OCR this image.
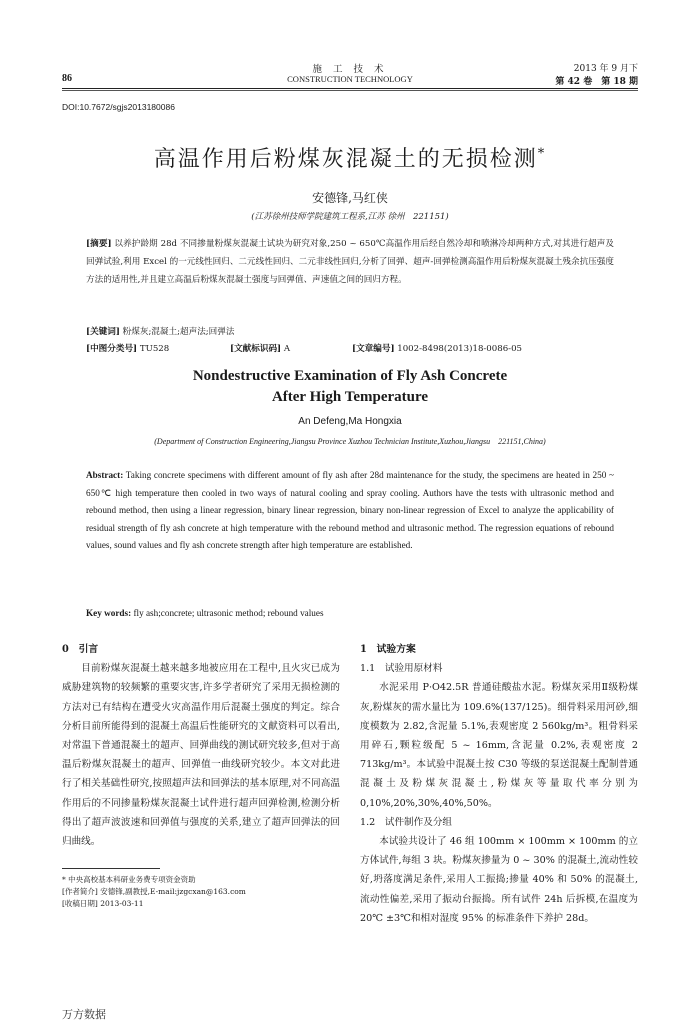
86
施 工 技 术
CONSTRUCTION TECHNOLOGY
2013 年 9 月下
第 42 卷　第 18 期
DOI:10.7672/sgjs2013180086
高温作用后粉煤灰混凝土的无损检测*
安德锋,马红侠
(江苏徐州技师学院建筑工程系,江苏 徐州　221151)
[摘要] 以养护龄期 28d 不同掺量粉煤灰混凝土试块为研究对象,250 ~ 650℃高温作用后经自然冷却和喷淋冷却两种方式,对其进行超声及回弹试验,利用 Excel 的一元线性回归、二元线性回归、二元非线性回归,分析了回弹、超声-回弹检测高温作用后粉煤灰混凝土残余抗压强度方法的适用性,并且建立高温后粉煤灰混凝土强度与回弹值、声速值之间的回归方程。
[关键词] 粉煤灰;混凝土;超声法;回弹法
[中图分类号] TU528	[文献标识码] A	[文章编号] 1002-8498(2013)18-0086-05
Nondestructive Examination of Fly Ash Concrete
After High Temperature
An Defeng,Ma Hongxia
(Department of Construction Engineering,Jiangsu Province Xuzhou Technician Institute,Xuzhou,Jiangsu　221151,China)
Abstract: Taking concrete specimens with different amount of fly ash after 28d maintenance for the study, the specimens are heated in 250 ~ 650℃ high temperature then cooled in two ways of natural cooling and spray cooling. Authors have the tests with ultrasonic method and rebound method, then using a linear regression, binary linear regression, binary non-linear regression of Excel to analyze the applicability of residual strength of fly ash concrete at high temperature with the rebound method and ultrasonic method. The regression equations of rebound values, sound values and fly ash concrete strength after high temperature are established.
Key words: fly ash;concrete; ultrasonic method; rebound values
0　引言
目前粉煤灰混凝土越来越多地被应用在工程中,且火灾已成为威胁建筑物的较频繁的重要灾害,许多学者研究了采用无损检测的方法对已有结构在遭受火灾高温作用后混凝土强度的判定。综合分析目前所能得到的混凝土高温后性能研究的文献资料可以看出,对常温下普通混凝土的超声、回弹曲线的测试研究较多,但对于高温后粉煤灰混凝土的超声、回弹值一曲线研究较少。本文对此进行了相关基础性研究,按照超声法和回弹法的基本原理,对不同高温作用后的不同掺量粉煤灰混凝土试件进行超声回弹检测,检测分析得出了超声波波速和回弹值与强度的关系,建立了超声回弹法的回归曲线。
* 中央高校基本科研业务费专项资金资助
[作者简介] 安德锋,副教授,E-mail:jzgcxan@163.com
[收稿日期] 2013-03-11
1　试验方案
1.1　试验用原材料
水泥采用 P·O42.5R 普通硅酸盐水泥。粉煤灰采用Ⅱ级粉煤灰,粉煤灰的需水量比为 109.6%(137/125)。细骨料采用河砂,细度模数为 2.82,含泥量 5.1%,表观密度 2 560kg/m³。粗骨料采用碎石,颗粒级配 5 ~ 16mm,含泥量 0.2%,表观密度 2 713kg/m³。本试验中混凝土按 C30 等级的泵送混凝土配制普通混凝土及粉煤灰混凝土,粉煤灰等量取代率分别为 0,10%,20%,30%,40%,50%。
1.2　试件制作及分组
本试验共设计了 46 组 100mm × 100mm × 100mm 的立方体试件,每组 3 块。粉煤灰掺量为 0 ~ 30% 的混凝土,流动性较好,坍落度满足条件,采用人工振捣;掺量 40% 和 50% 的混凝土,流动性偏差,采用了振动台振捣。所有试件 24h 后拆模,在温度为20℃ ±3℃和相对湿度 95% 的标准条件下养护 28d。
万方数据
